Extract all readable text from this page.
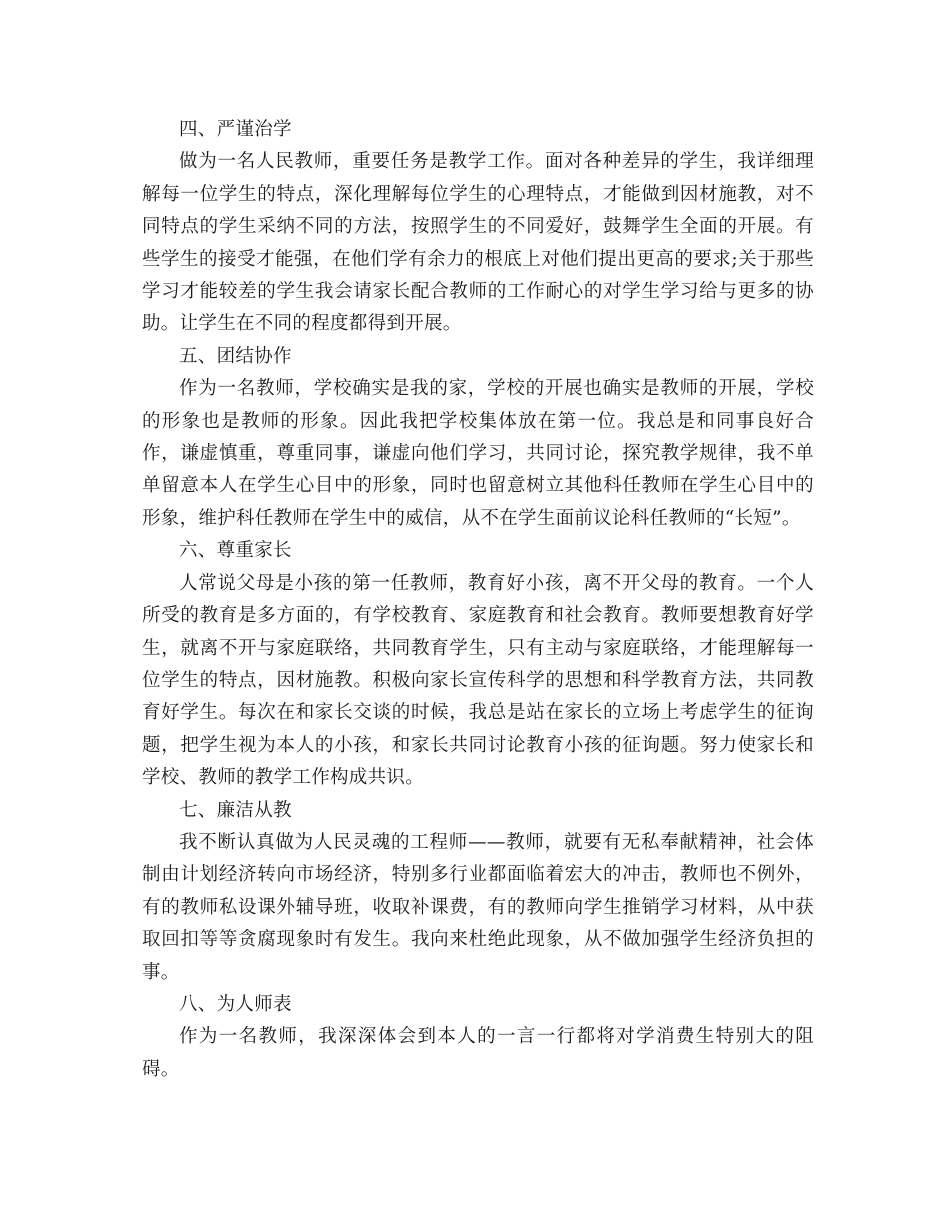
四、严谨治学

做为一名人民教师，重要任务是教学工作。面对各种差异的学生，我详细理解每一位学生的特点，深化理解每位学生的心理特点，才能做到因材施教，对不同特点的学生采纳不同的方法，按照学生的不同爱好，鼓舞学生全面的开展。有些学生的接受才能强，在他们学有余力的根底上对他们提出更高的要求;关于那些学习才能较差的学生我会请家长配合教师的工作耐心的对学生学习给与更多的协助。让学生在不同的程度都得到开展。

五、团结协作

作为一名教师，学校确实是我的家，学校的开展也确实是教师的开展，学校的形象也是教师的形象。因此我把学校集体放在第一位。我总是和同事良好合作，谦虚慎重，尊重同事，谦虚向他们学习，共同讨论，探究教学规律，我不单单留意本人在学生心目中的形象，同时也留意树立其他科任教师在学生心目中的形象，维护科任教师在学生中的威信，从不在学生面前议论科任教师的“长短”。

六、尊重家长

人常说父母是小孩的第一任教师，教育好小孩，离不开父母的教育。一个人所受的教育是多方面的，有学校教育、家庭教育和社会教育。教师要想教育好学生，就离不开与家庭联络，共同教育学生，只有主动与家庭联络，才能理解每一位学生的特点，因材施教。积极向家长宣传科学的思想和科学教育方法，共同教育好学生。每次在和家长交谈的时候，我总是站在家长的立场上考虑学生的征询题，把学生视为本人的小孩，和家长共同讨论教育小孩的征询题。努力使家长和学校、教师的教学工作构成共识。

七、廉洁从教

我不断认真做为人民灵魂的工程师——教师，就要有无私奉献精神，社会体制由计划经济转向市场经济，特别多行业都面临着宏大的冲击，教师也不例外，有的教师私设课外辅导班，收取补课费，有的教师向学生推销学习材料，从中获取回扣等等贪腐现象时有发生。我向来杜绝此现象，从不做加强学生经济负担的事。

八、为人师表

作为一名教师，我深深体会到本人的一言一行都将对学消费生特别大的阻碍。
